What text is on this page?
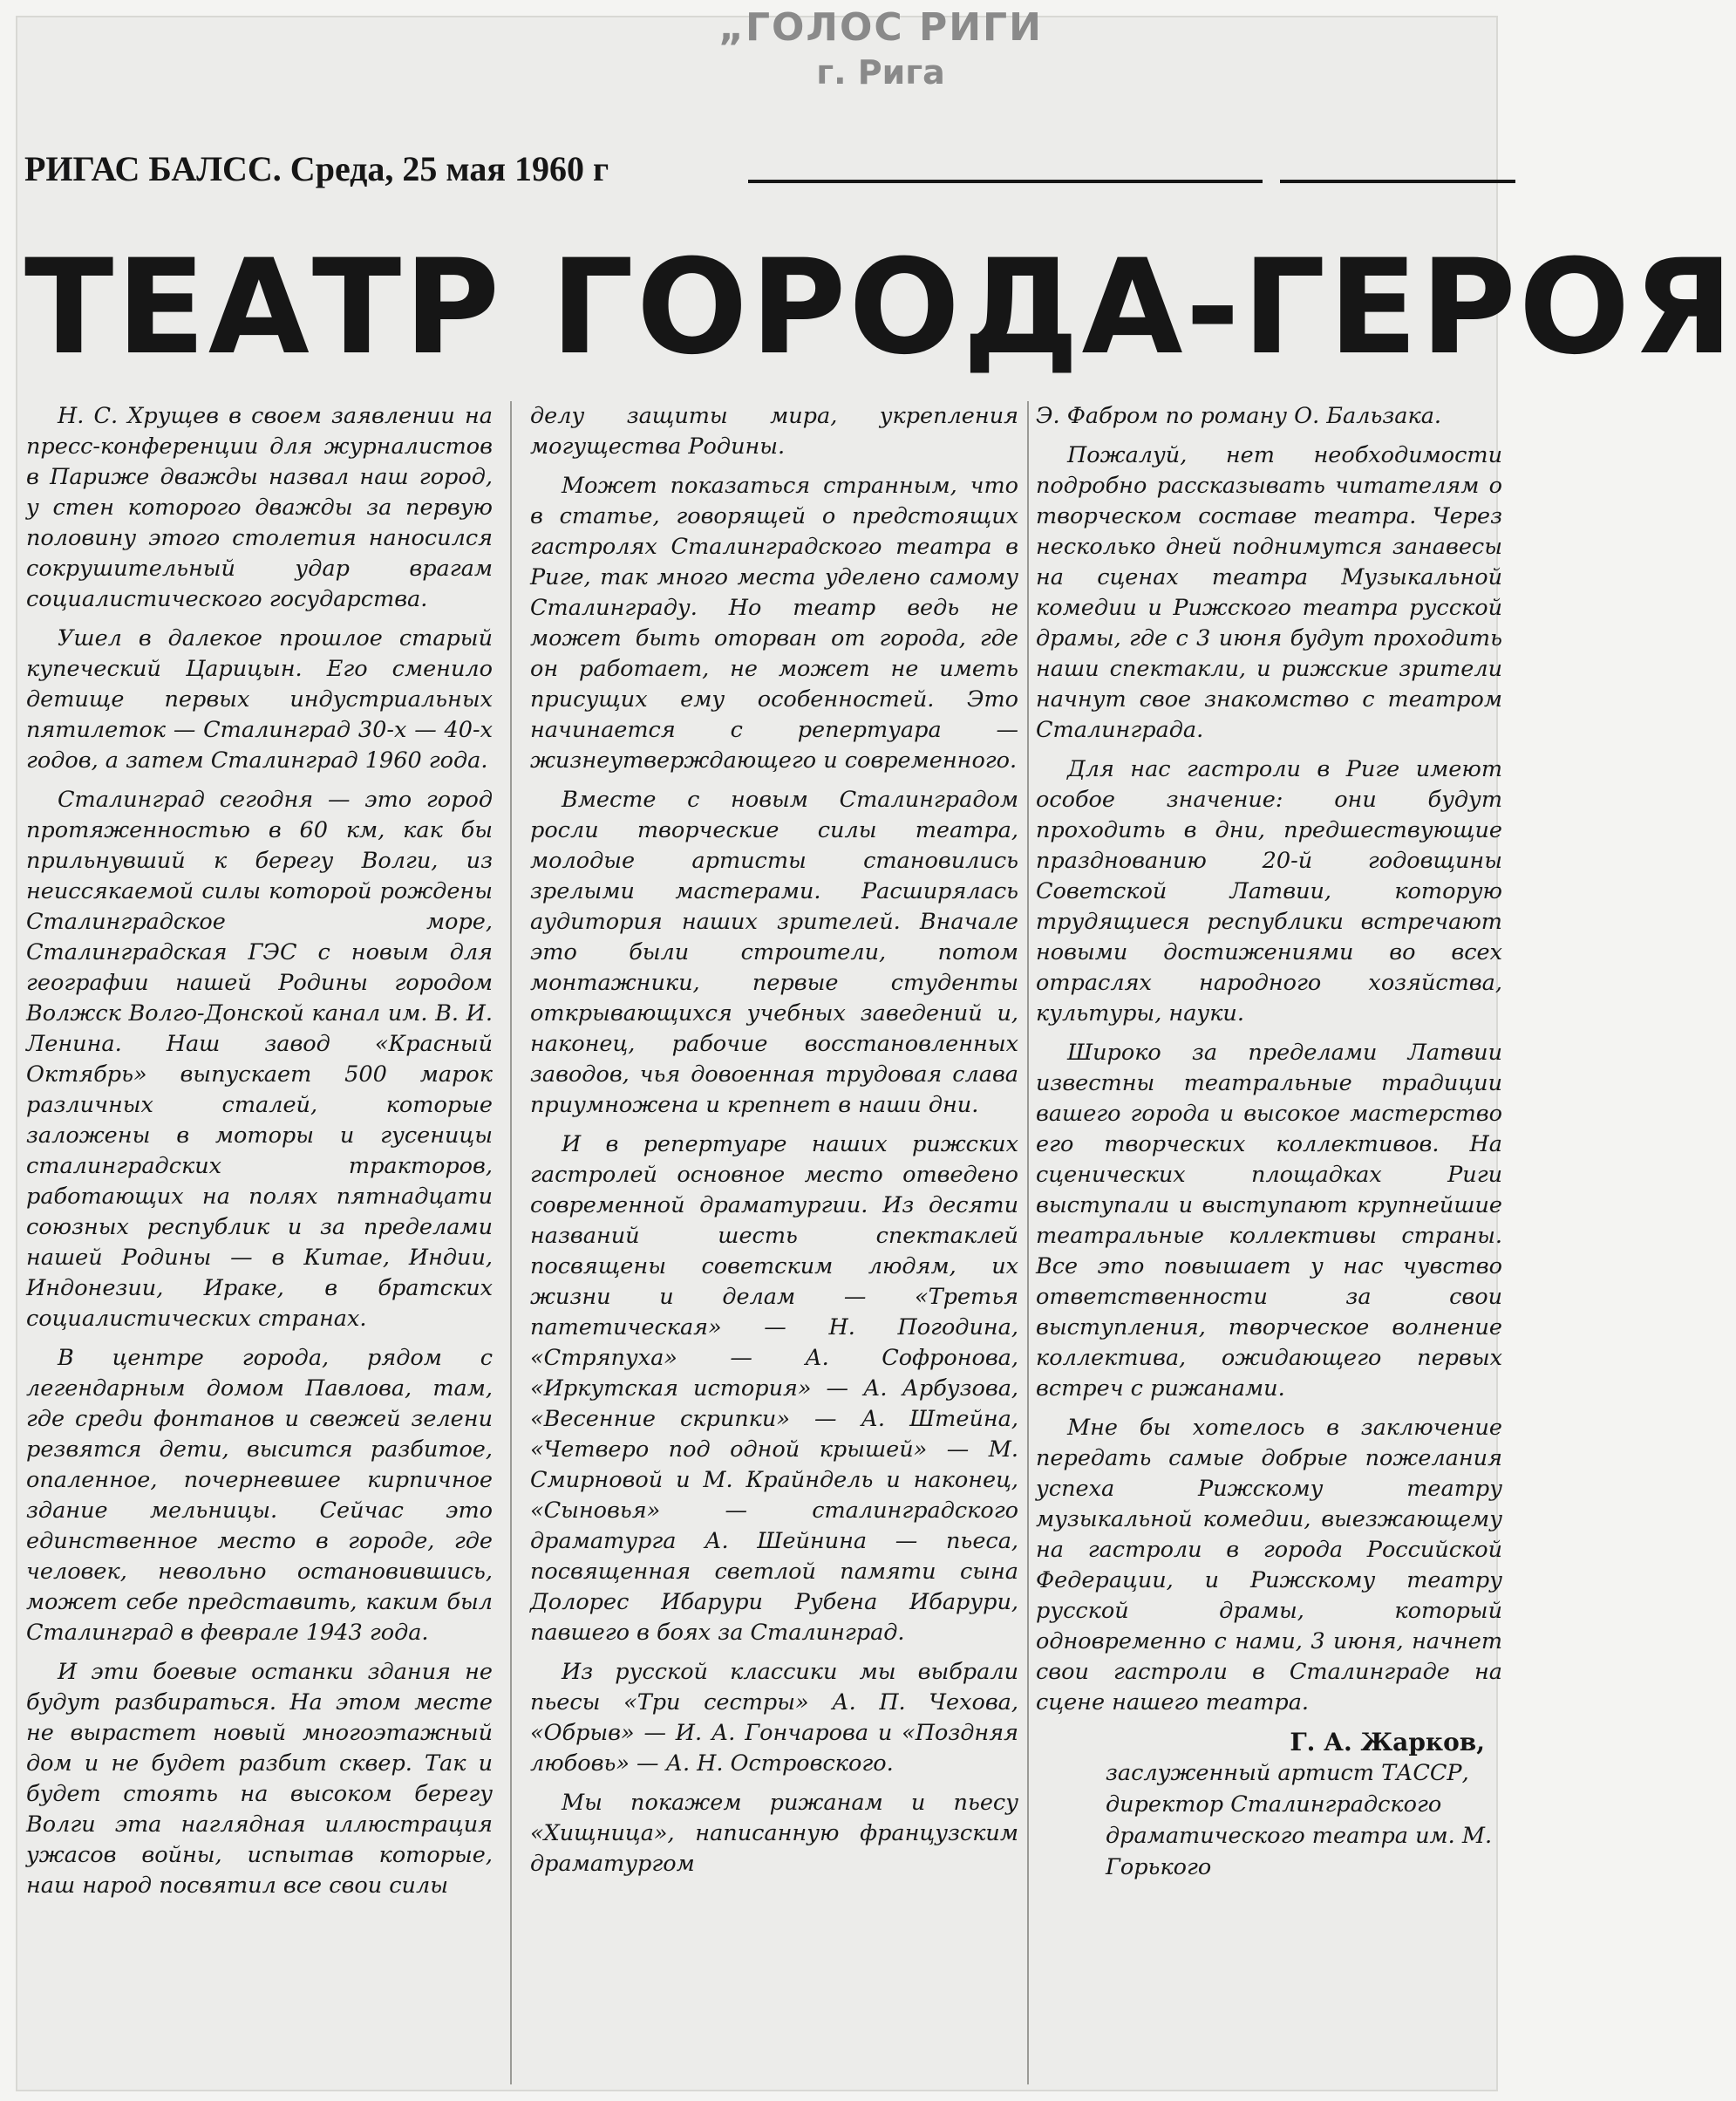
„ГОЛОС РИГИ
г. Рига
РИГАС БАЛСС. Среда, 25 мая 1960 г
ТЕАТР ГОРОДА-ГЕРОЯ

Н. С. Хрущев в своем заявлении на пресс-конференции для журналистов в Париже дважды назвал наш город, у стен которого дважды за первую половину этого столетия наносился сокрушительный удар врагам социалистического государства.

Ушел в далекое прошлое старый купеческий Царицын. Его сменило детище первых индустриальных пятилеток — Сталинград 30-х — 40-х годов, а затем Сталинград 1960 года.

Сталинград сегодня — это город протяженностью в 60 км, как бы прильнувший к берегу Волги, из неиссякаемой силы которой рождены Сталинградское море, Сталинградская ГЭС с новым для географии нашей Родины городом Волжск Волго-Донской канал им. В. И. Ленина. Наш завод «Красный Октябрь» выпускает 500 марок различных сталей, которые заложены в моторы и гусеницы сталинградских тракторов, работающих на полях пятнадцати союзных республик и за пределами нашей Родины — в Китае, Индии, Индонезии, Ираке, в братских социалистических странах.

В центре города, рядом с легендарным домом Павлова, там, где среди фонтанов и свежей зелени резвятся дети, высится разбитое, опаленное, почерневшее кирпичное здание мельницы. Сейчас это единственное место в городе, где человек, невольно остановившись, может себе представить, каким был Сталинград в феврале 1943 года.

И эти боевые останки здания не будут разбираться. На этом месте не вырастет новый многоэтажный дом и не будет разбит сквер. Так и будет стоять на высоком берегу Волги эта наглядная иллюстрация ужасов войны, испытав которые, наш народ посвятил все свои силы

делу защиты мира, укрепления могущества Родины.

Может показаться странным, что в статье, говорящей о предстоящих гастролях Сталинградского театра в Риге, так много места уделено самому Сталинграду. Но театр ведь не может быть оторван от города, где он работает, не может не иметь присущих ему особенностей. Это начинается с репертуара — жизнеутверждающего и современного.

Вместе с новым Сталинградом росли творческие силы театра, молодые артисты становились зрелыми мастерами. Расширялась аудитория наших зрителей. Вначале это были строители, потом монтажники, первые студенты открывающихся учебных заведений и, наконец, рабочие восстановленных заводов, чья довоенная трудовая слава приумножена и крепнет в наши дни.

И в репертуаре наших рижских гастролей основное место отведено современной драматургии. Из десяти названий шесть спектаклей посвящены советским людям, их жизни и делам — «Третья патетическая» — Н. Погодина, «Стряпуха» — А. Софронова, «Иркутская история» — А. Арбузова, «Весенние скрипки» — А. Штейна, «Четверо под одной крышей» — М. Смирновой и М. Крайндель и наконец, «Сыновья» — сталинградского драматурга А. Шейнина — пьеса, посвященная светлой памяти сына Долорес Ибарури Рубена Ибарури, павшего в боях за Сталинград.

Из русской классики мы выбрали пьесы «Три сестры» А. П. Чехова, «Обрыв» — И. А. Гончарова и «Поздняя любовь» — А. Н. Островского.

Мы покажем рижанам и пьесу «Хищница», написанную французским драматургом

Э. Фабром по роману О. Бальзака.

Пожалуй, нет необходимости подробно рассказывать читателям о творческом составе театра. Через несколько дней поднимутся занавесы на сценах театра Музыкальной комедии и Рижского театра русской драмы, где с 3 июня будут проходить наши спектакли, и рижские зрители начнут свое знакомство с театром Сталинграда.

Для нас гастроли в Риге имеют особое значение: они будут проходить в дни, предшествующие празднованию 20-й годовщины Советской Латвии, которую трудящиеся республики встречают новыми достижениями во всех отраслях народного хозяйства, культуры, науки.

Широко за пределами Латвии известны театральные традиции вашего города и высокое мастерство его творческих коллективов. На сценических площадках Риги выступали и выступают крупнейшие театральные коллективы страны. Все это повышает у нас чувство ответственности за свои выступления, творческое волнение коллектива, ожидающего первых встреч с рижанами.

Мне бы хотелось в заключение передать самые добрые пожелания успеха Рижскому театру музыкальной комедии, выезжающему на гастроли в города Российской Федерации, и Рижскому театру русской драмы, который одновременно с нами, 3 июня, начнет свои гастроли в Сталинграде на сцене нашего театра.

Г. А. Жарков,
заслуженный артист ТАССР, директор Сталинградского драматического театра им. М. Горького
